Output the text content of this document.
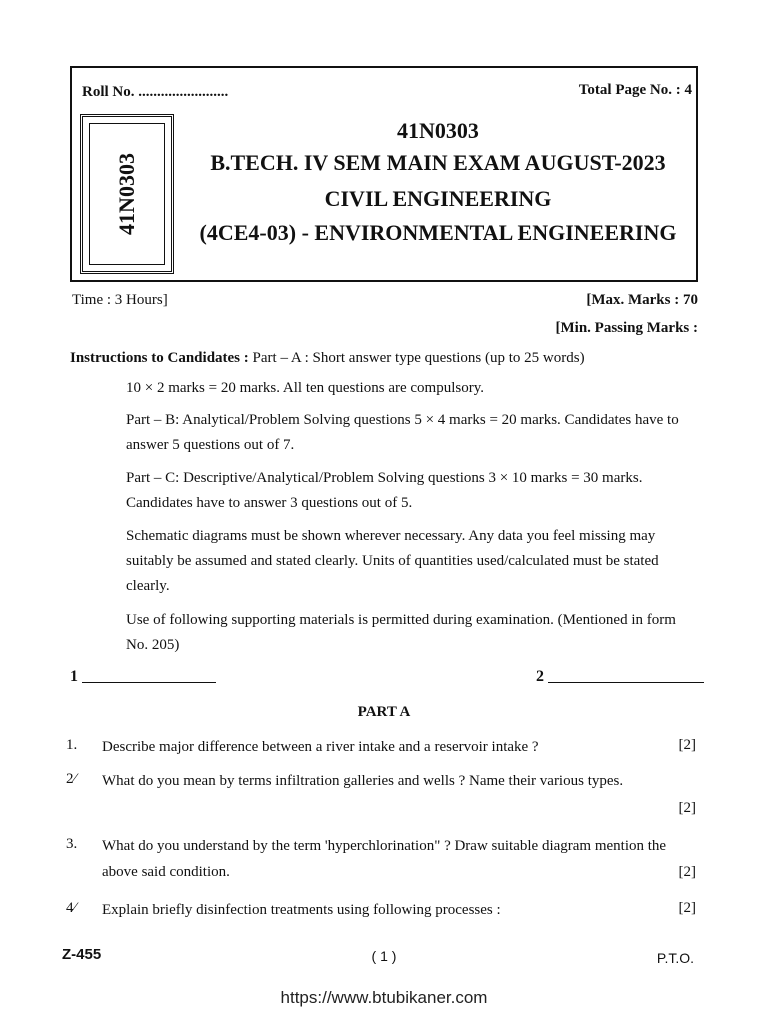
Roll No. ........................	Total Page No. : 4
41N0303
41N0303
B.TECH. IV SEM MAIN EXAM AUGUST-2023
CIVIL ENGINEERING
(4CE4-03) - ENVIRONMENTAL ENGINEERING
Time : 3 Hours]	[Max. Marks : 70
[Min. Passing Marks :
Instructions to Candidates : Part – A : Short answer type questions (up to 25 words)
10 × 2 marks = 20 marks. All ten questions are compulsory.
Part – B: Analytical/Problem Solving questions 5 × 4 marks = 20 marks. Candidates have to answer 5 questions out of 7.
Part – C: Descriptive/Analytical/Problem Solving questions 3 × 10 marks = 30 marks. Candidates have to answer 3 questions out of 5.
Schematic diagrams must be shown wherever necessary. Any data you feel missing may suitably be assumed and stated clearly. Units of quantities used/calculated must be stated clearly.
Use of following supporting materials is permitted during examination. (Mentioned in form No. 205)
1	2
PART A
1. Describe major difference between a river intake and a reservoir intake ?	[2]
2⁄ What do you mean by terms infiltration galleries and wells ? Name their various types.
[2]
3. What do you understand by the term 'hyperchlorination" ? Draw suitable diagram mention the above said condition.	[2]
4⁄ Explain briefly disinfection treatments using following processes :	[2]
Z-455	( 1 )	P.T.O.
https://www.btubikaner.com
